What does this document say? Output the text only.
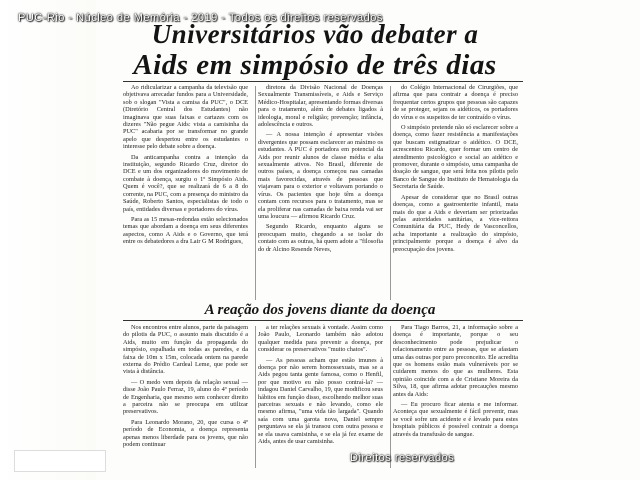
PUC-Rio - Núcleo de Memória - 2019 - Todos os direitos reservados
Universitários vão debater a
Aids em simpósio de três dias

Ao ridicularizar a campanha da televisão que objetivava arrecadar fundos para a Universidade, sob o slogan "Vista a camisa da PUC", o DCE (Diretório Central dos Estudantes) não imaginava que suas faixas e cartazes com os dizeres "Não pegue Aids: vista a camisinha da PUC" acabaria por se transformar no grande apelo que despertou entre os estudantes o interesse pelo debate sobre a doença.

Da anticampanha contra a intenção da instituição, segundo Ricardo Cruz, diretor do DCE e um dos organizadores do movimento de combate à doença, surgiu o 1º Simpósio Aids. Quem é você?, que se realizará de 6 a 8 do corrente, na PUC, com a presença do ministro da Saúde, Roberto Santos, especialistas de todo o país, entidades diversas e portadores do vírus.

Para as 15 mesas-redondas estão selecionados temas que abordam a doença em seus diferentes aspectos, como A Aids e o Governo, que terá entre os debatedores a dra Lair G M Rodrigues,

diretora da Divisão Nacional de Doenças Sexualmente Transmissíveis, e Aids e Serviço Médico-Hospitalar, apresentando formas diversas para o tratamento, além de debates ligados à ideologia, moral e religião; prevenção; infância, adolescência e outros.

— A nossa intenção é apresentar visões divergentes que possam esclarecer ao máximo os estudantes. A PUC é portadora em potencial da Aids por reunir alunos de classe média e alta sexualmente ativos. No Brasil, diferente de outros países, a doença começou nas camadas mais favorecidas, através de pessoas que viajavam para o exterior e voltavam portando o vírus. Os pacientes que hoje têm a doença contam com recursos para o tratamento, mas se ela proliferar nas camadas de baixa renda vai ser uma loucura — afirmou Ricardo Cruz.

Segundo Ricardo, enquanto alguns se preocupam muito, chegando a se isolar do contato com as outras, há quem adote a "filosofia do dr Alcino Resende Neves,

do Colégio Internacional de Cirurgiões, que afirma que para contrair a doença é preciso frequentar certos grupos que pessoas são capazes de se proteger, sejam os aidéticos, os portadores do vírus e os suspeitos de ter contraído o vírus.

O simpósio pretende não só esclarecer sobre a doença, como fazer resistência a manifestações que buscam estigmatizar o aidético. O DCE, acrescentou Ricardo, quer formar um centro de atendimento psicológico e social ao aidético e promover, durante o simpósio, uma campanha de doação de sangue, que será feita nos pilotis pelo Banco de Sangue do Instituto de Hematologia da Secretaria de Saúde.

Apesar de considerar que no Brasil outras doenças, como a gastroenterite infantil, mata mais do que a Aids e deveriam ser priorizadas pelas autoridades sanitárias, a vice-reitora Comunitária da PUC, Hedy de Vasconcellos, acha importante a realização do simpósio, principalmente porque a doença é alvo da preocupação dos jovens.

A reação dos jovens diante da doença

Nos encontros entre alunos, parte da paisagem do pilotis da PUC, o assunto mais discutido é a Aids, muito em função da propaganda do simpósio, espalhada em todas as paredes, e da faixa de 10m x 15m, colocada ontem na parede externa do Prédio Cardeal Leme, que pode ser vista à distância.

— O medo vem depois da relação sexual — disse João Paulo Ferraz, 19, aluno do 4º período de Engenharia, que mesmo sem conhecer direito a parceira não se preocupa em utilizar preservativos.

Para Leonardo Morano, 20, que cursa o 4º período de Economia, a doença representa apenas menos liberdade para os jovens, que não podem continuar

a ter relações sexuais à vontade. Assim como João Paulo, Leonardo também não adotou qualquer medida para prevenir a doença, por considerar os preservativos "muito chatos".

— As pessoas acham que estão imunes à doença por não serem homossexuais, mas se a Aids pegou tanta gente famosa, como o Henfil, por que motivo eu não posso contraí-la? — indagou Daniel Carvalho, 19, que modificou seus hábitos em função disso, escolhendo melhor suas parceiras sexuais e não levando, como ele mesmo afirma, "uma vida tão largada". Quando saía com uma garota nova, Daniel sempre perguntava se ela já transou com outra pessoa e se ela usava camisinha, e se ela já fez exame de Aids, antes de usar camisinha.

Para Tiago Barros, 21, a informação sobre a doença é importante, porque o seu desconhecimento pode prejudicar o relacionamento entre as pessoas, que se afastam uma das outras por puro preconceito. Ele acredita que os homens estão mais vulneráveis por se cuidarem menos do que as mulheres. Esta opinião coincide com a de Cristiane Moreira da Silva, 18, que afirma adotar precauções mesmo antes da Aids:

— Eu procuro ficar atenta e me informar. Aconteça que sexualmente é fácil prevenir, mas se você sofre um acidente e é levado para estes hospitais públicos é possível contrair a doença através da transfusão de sangue.

Direitos reservados
